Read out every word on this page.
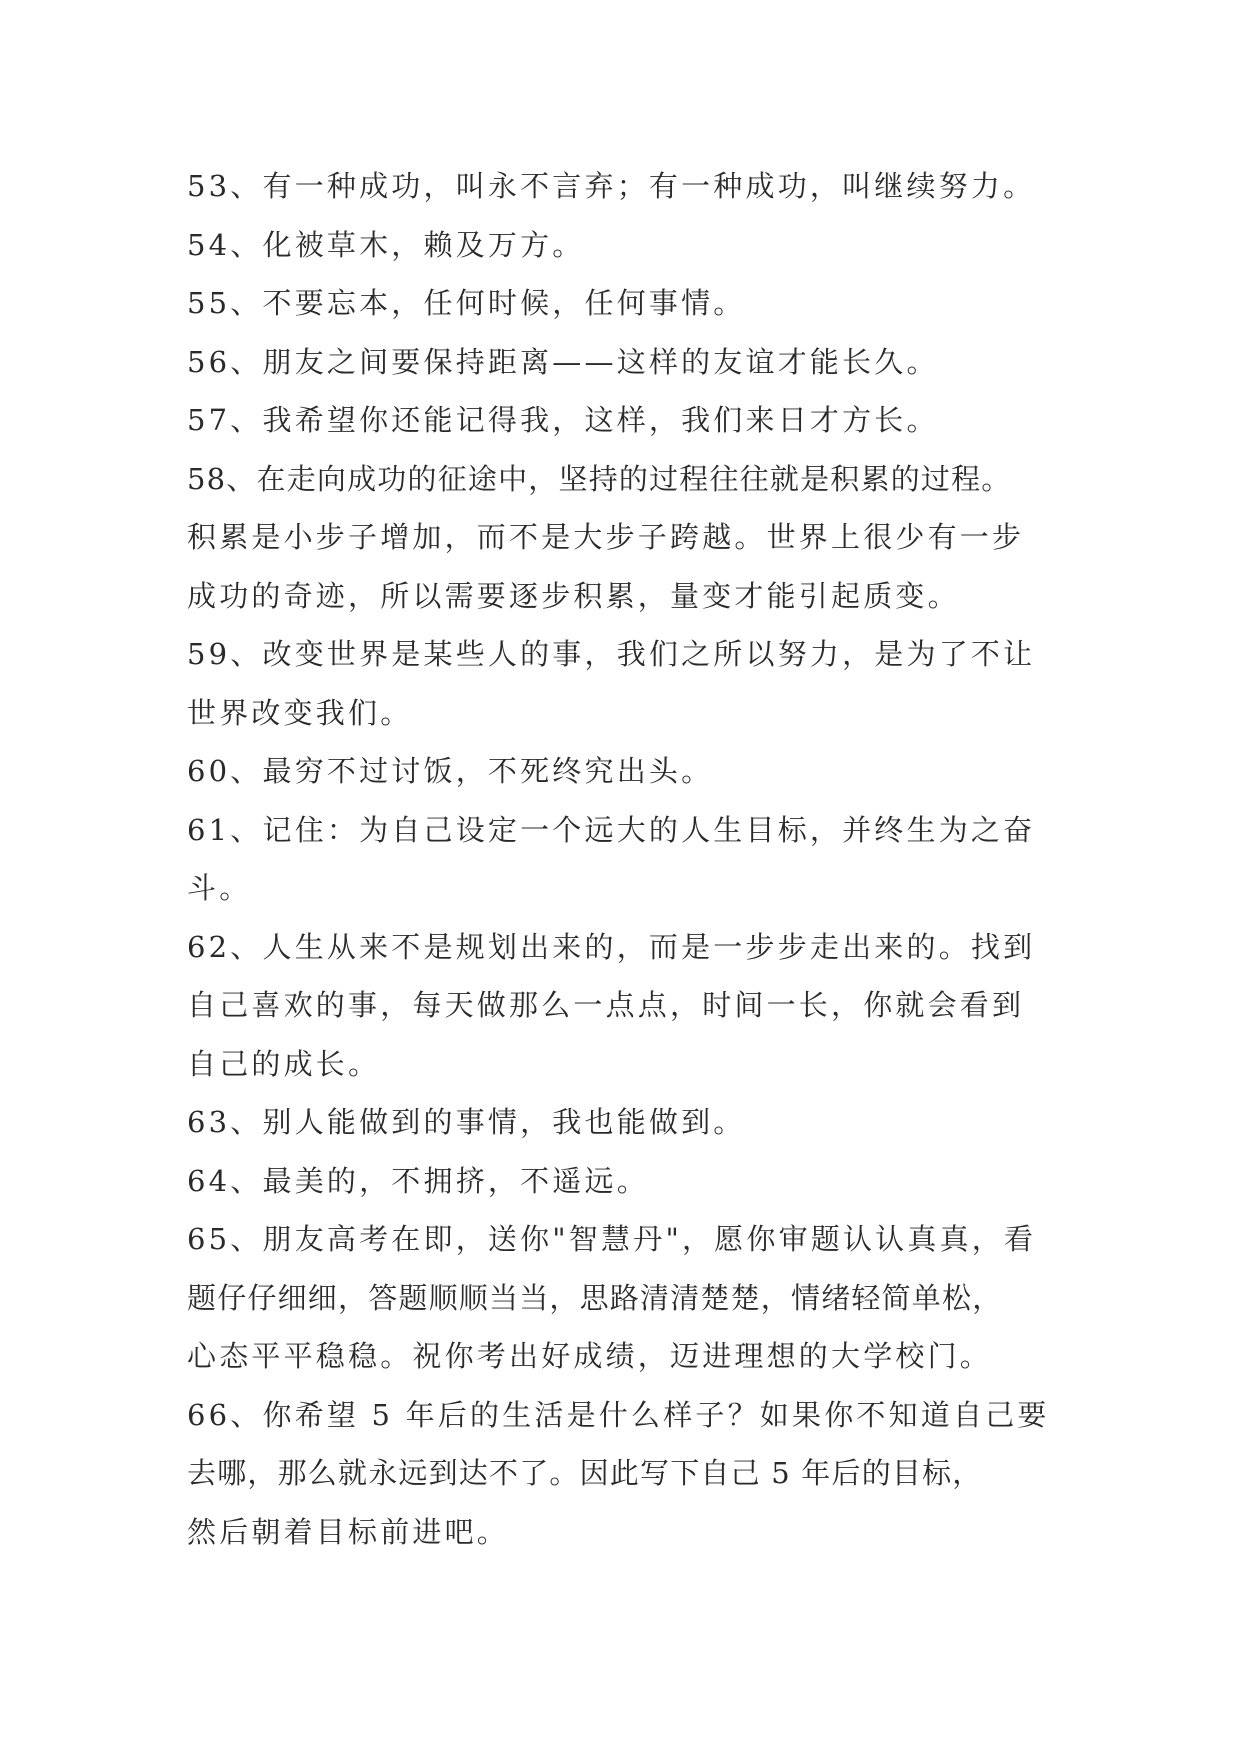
53、有一种成功，叫永不言弃；有一种成功，叫继续努力。
54、化被草木，赖及万方。
55、不要忘本，任何时候，任何事情。
56、朋友之间要保持距离——这样的友谊才能长久。
57、我希望你还能记得我，这样，我们来日才方长。
58、在走向成功的征途中，坚持的过程往往就是积累的过程。
积累是小步子增加，而不是大步子跨越。世界上很少有一步
成功的奇迹，所以需要逐步积累，量变才能引起质变。
59、改变世界是某些人的事，我们之所以努力，是为了不让
世界改变我们。
60、最穷不过讨饭，不死终究出头。
61、记住：为自己设定一个远大的人生目标，并终生为之奋
斗。
62、人生从来不是规划出来的，而是一步步走出来的。找到
自己喜欢的事，每天做那么一点点，时间一长，你就会看到
自己的成长。
63、别人能做到的事情，我也能做到。
64、最美的，不拥挤，不遥远。
65、朋友高考在即，送你"智慧丹"，愿你审题认认真真，看
题仔仔细细，答题顺顺当当，思路清清楚楚，情绪轻简单松，
心态平平稳稳。祝你考出好成绩，迈进理想的大学校门。
66、你希望 5 年后的生活是什么样子？如果你不知道自己要
去哪，那么就永远到达不了。因此写下自己 5 年后的目标，
然后朝着目标前进吧。
